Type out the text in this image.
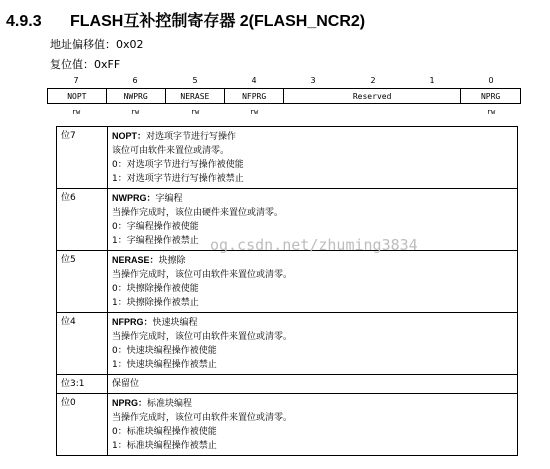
4.9.3 FLASH互补控制寄存器 2(FLASH_NCR2)
地址偏移值：0x02
复位值：0xFF
7	6	5	4	3	2	1	0
NOPT	NWPRG	NERASE	NFPRG	Reserved	NPRG
rw	rw	rw	rw	rw
位7	NOPT：对选项字节进行写操作
该位可由软件来置位或清零。
0：对选项字节进行写操作被使能
1：对选项字节进行写操作被禁止

位6	NWPRG：字编程
当操作完成时，该位由硬件来置位或清零。
0：字编程操作被使能
1：字编程操作被禁止

位5	NERASE：块擦除
当操作完成时，该位可由软件来置位或清零。
0：块擦除操作被使能
1：块擦除操作被禁止

位4	NFPRG：快速块编程
当操作完成时，该位可由软件来置位或清零。
0：快速块编程操作被使能
1：快速块编程操作被禁止

位3:1	保留位

位0	NPRG：标准块编程
当操作完成时，该位可由软件来置位或清零。
0：标准块编程操作被使能
1：标准块编程操作被禁止
og.csdn.net/zhuming3834
